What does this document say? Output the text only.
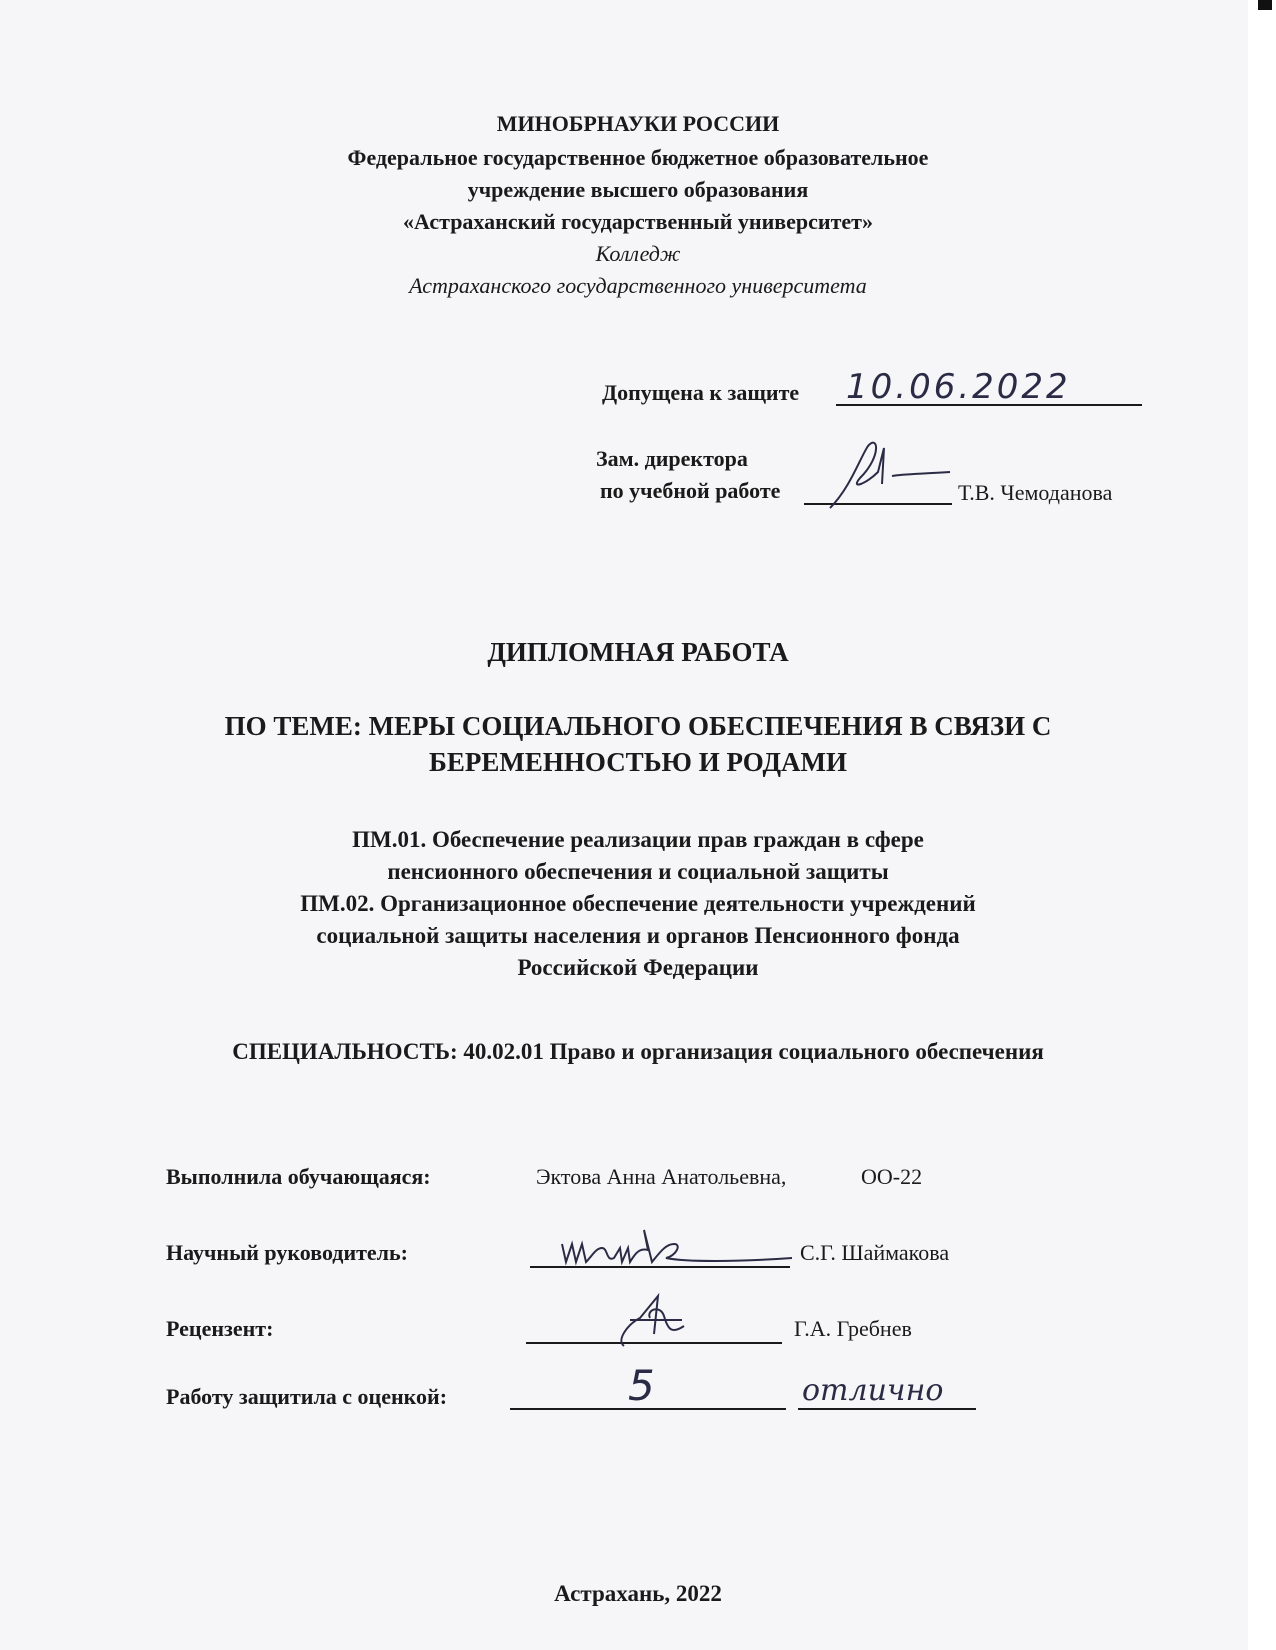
МИНОБРНАУКИ РОССИИ
Федеральное государственное бюджетное образовательное
учреждение высшего образования
«Астраханский государственный университет»
Колледж
Астраханского государственного университета
Допущена к защите 10.06.2022
Зам. директора
по учебной работе	Т.В. Чемоданова
ДИПЛОМНАЯ РАБОТА
ПО ТЕМЕ: МЕРЫ СОЦИАЛЬНОГО ОБЕСПЕЧЕНИЯ В СВЯЗИ С
БЕРЕМЕННОСТЬЮ И РОДАМИ
ПМ.01. Обеспечение реализации прав граждан в сфере
пенсионного обеспечения и социальной защиты
ПМ.02. Организационное обеспечение деятельности учреждений
социальной защиты населения и органов Пенсионного фонда
Российской Федерации
СПЕЦИАЛЬНОСТЬ: 40.02.01 Право и организация социального обеспечения
Выполнила обучающаяся:	Эктова Анна Анатольевна,	ОО-22
Научный руководитель:	С.Г. Шаймакова
Рецензент:	Г.А. Гребнев
Работу защитила с оценкой:	5	отлично
Астрахань, 2022
